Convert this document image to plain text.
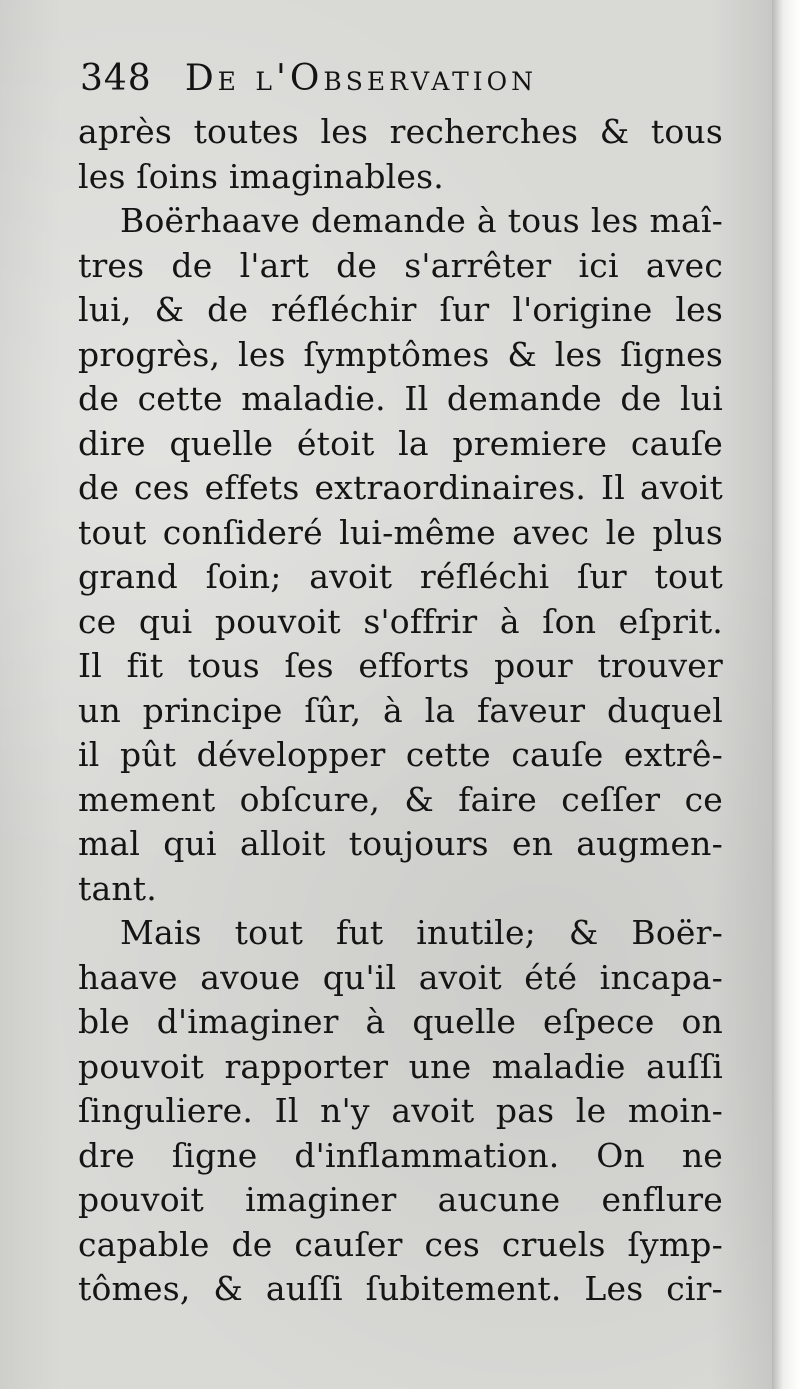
348 De l'Observation
après toutes les recherches & tous
les ſoins imaginables.
Boërhaave demande à tous les maî-
tres de l'art de s'arrêter ici avec
lui, & de réfléchir ſur l'origine les
progrès, les ſymptômes & les ſignes
de cette maladie. Il demande de lui
dire quelle étoit la premiere cauſe
de ces effets extraordinaires. Il avoit
tout conſideré lui-même avec le plus
grand ſoin; avoit réfléchi ſur tout
ce qui pouvoit s'offrir à ſon eſprit.
Il fit tous ſes efforts pour trouver
un principe ſûr, à la faveur duquel
il pût développer cette cauſe extrê-
mement obſcure, & faire ceſſer ce
mal qui alloit toujours en augmen-
tant.
Mais tout fut inutile; & Boër-
haave avoue qu'il avoit été incapa-
ble d'imaginer à quelle eſpece on
pouvoit rapporter une maladie auſſi
ſinguliere. Il n'y avoit pas le moin-
dre ſigne d'inflammation. On ne
pouvoit imaginer aucune enflure
capable de cauſer ces cruels ſymp-
tômes, & auſſi ſubitement. Les cir-
